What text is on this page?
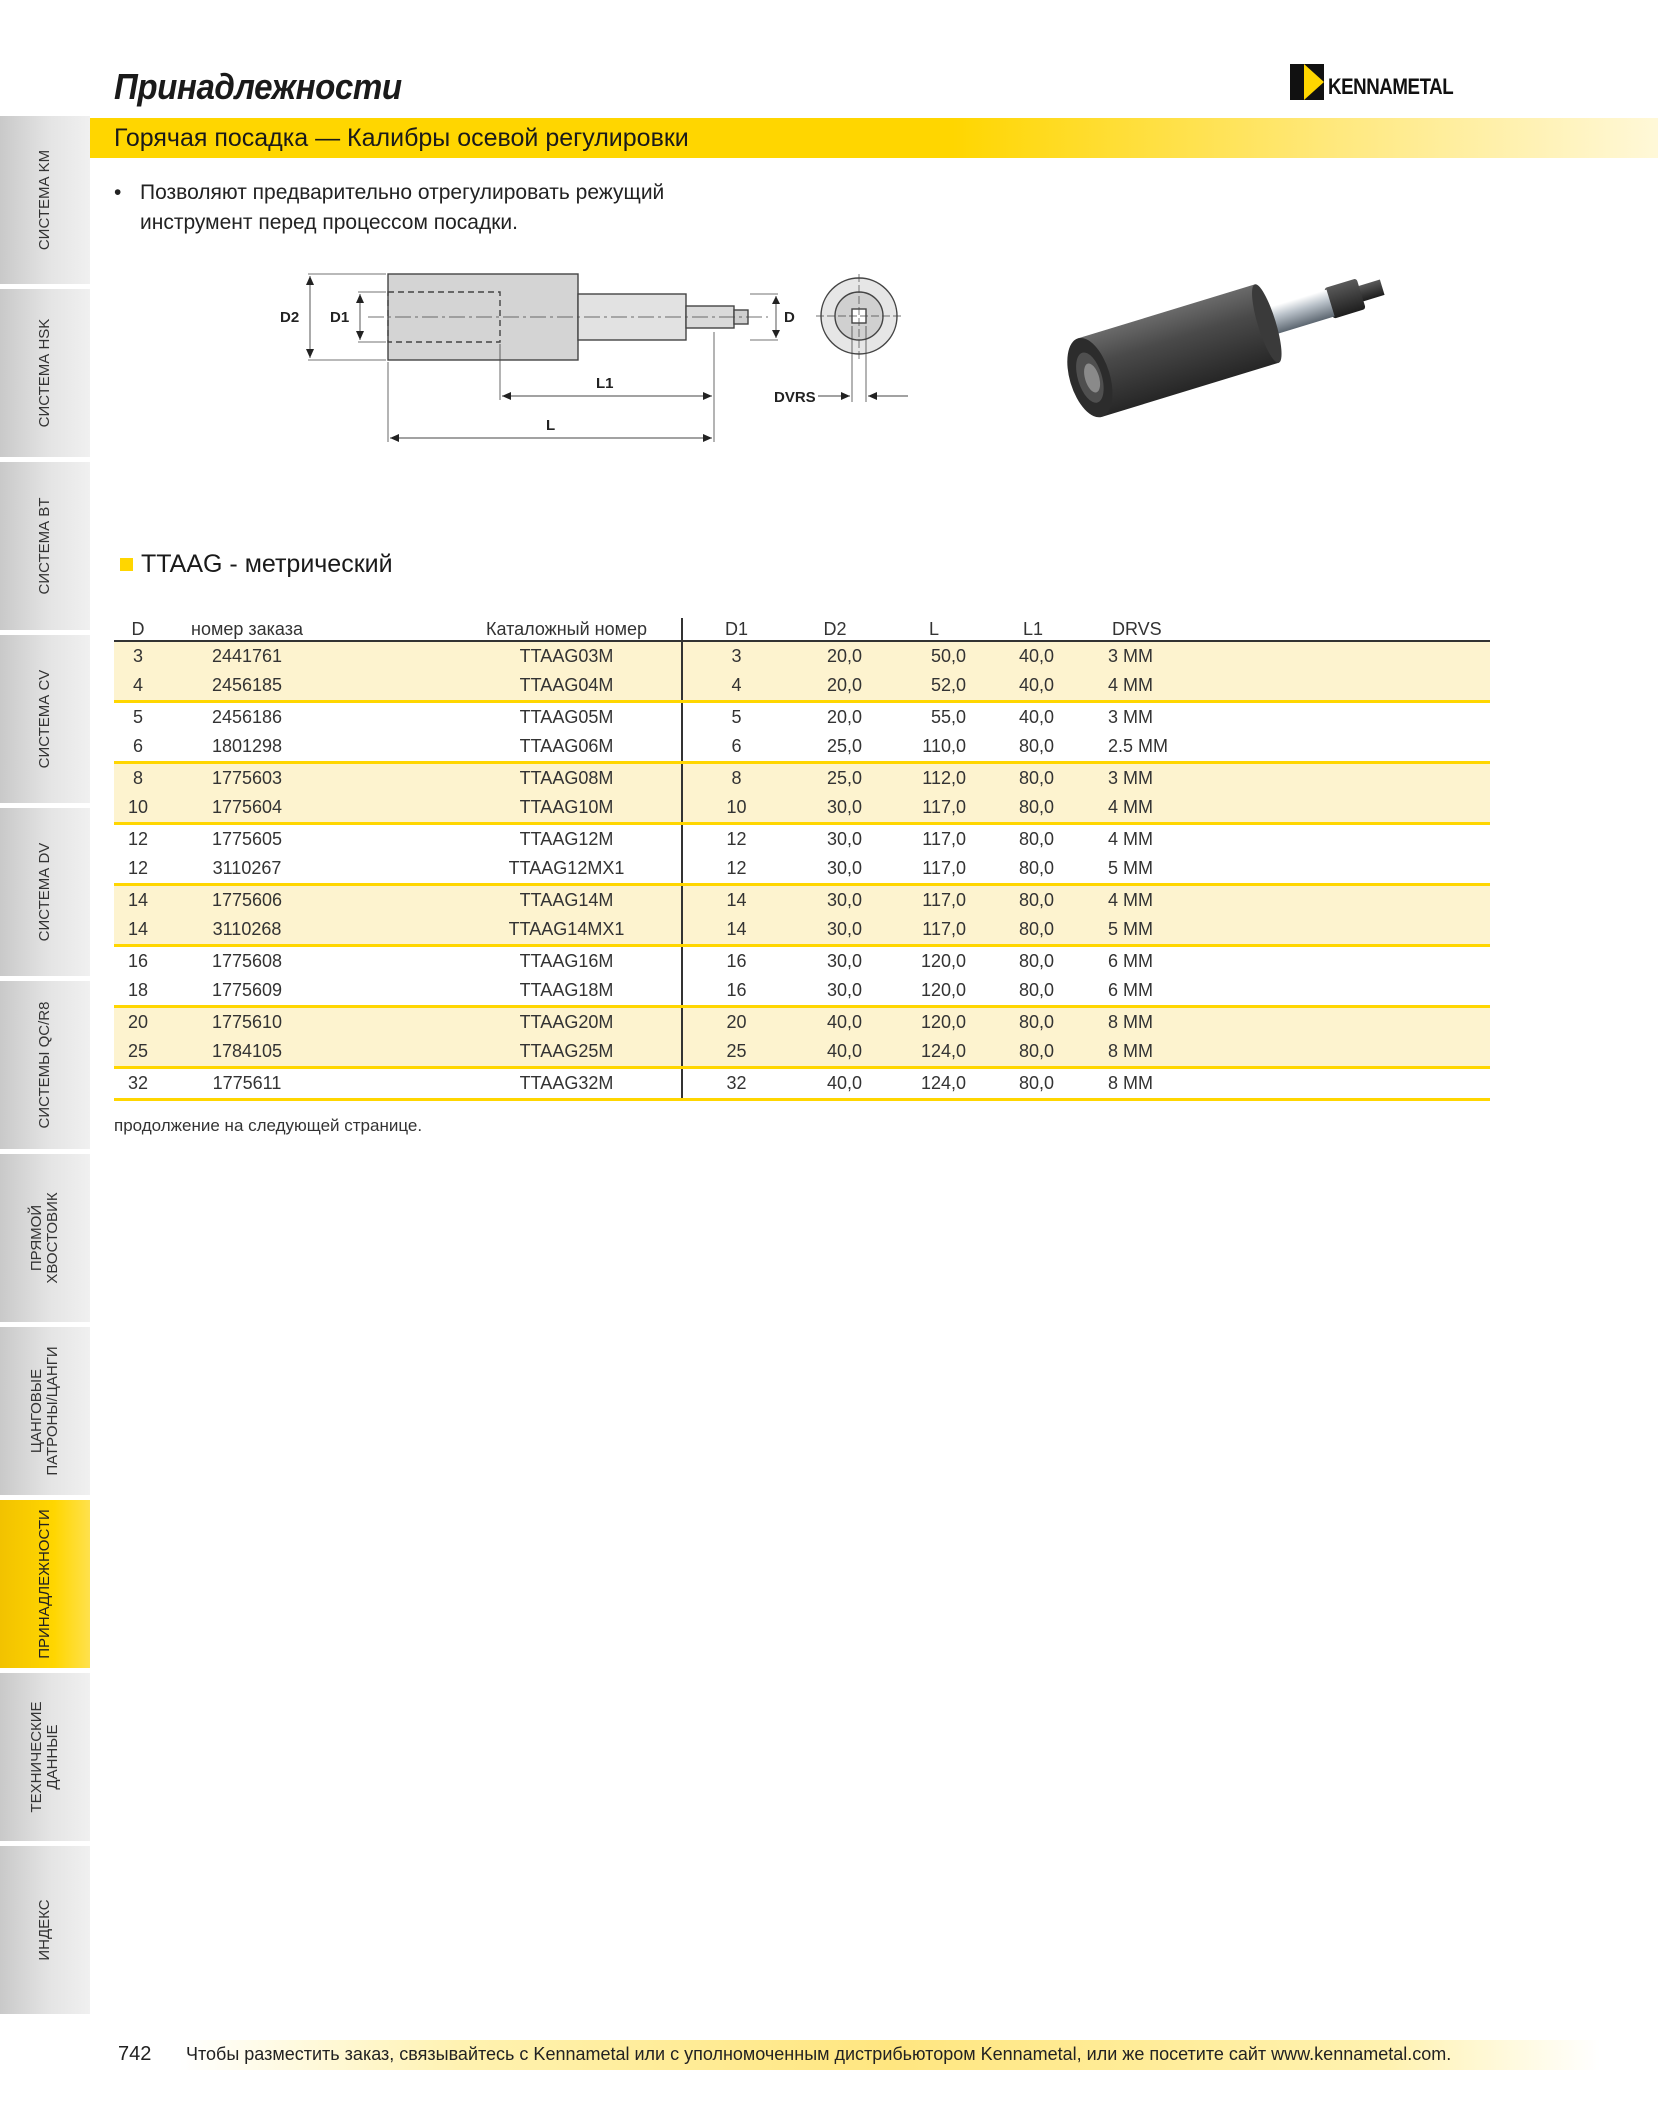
СИСТЕМА KM
СИСТЕМА HSK
СИСТЕМА BT
СИСТЕМА CV
СИСТЕМА DV
СИСТЕМЫ QC/R8
ПРЯМОЙ ХВОСТОВИК
ЦАНГОВЫЕ ПАТРОНЫ/ЦАНГИ
ПРИНАДЛЕЖНОСТИ
ТЕХНИЧЕСКИЕ ДАННЫЕ
ИНДЕКС
Принадлежности	KENNAMETAL
Горячая посадка — Калибры осевой регулировки
• Позволяют предварительно отрегулировать режущий инструмент перед процессом посадки.
D2 D1	D
L1
L
DVRS
TTAAG - метрический
D	номер заказа	Каталожный номер	D1	D2	L	L1	DRVS
3	2441761	TTAAG03M	3	20,0	50,0	40,0	3 MM
4	2456185	TTAAG04M	4	20,0	52,0	40,0	4 MM
5	2456186	TTAAG05M	5	20,0	55,0	40,0	3 MM
6	1801298	TTAAG06M	6	25,0	110,0	80,0	2.5 MM
8	1775603	TTAAG08M	8	25,0	112,0	80,0	3 MM
10	1775604	TTAAG10M	10	30,0	117,0	80,0	4 MM
12	1775605	TTAAG12M	12	30,0	117,0	80,0	4 MM
12	3110267	TTAAG12MX1	12	30,0	117,0	80,0	5 MM
14	1775606	TTAAG14M	14	30,0	117,0	80,0	4 MM
14	3110268	TTAAG14MX1	14	30,0	117,0	80,0	5 MM
16	1775608	TTAAG16M	16	30,0	120,0	80,0	6 MM
18	1775609	TTAAG18M	16	30,0	120,0	80,0	6 MM
20	1775610	TTAAG20M	20	40,0	120,0	80,0	8 MM
25	1784105	TTAAG25M	25	40,0	124,0	80,0	8 MM
32	1775611	TTAAG32M	32	40,0	124,0	80,0	8 MM
продолжение на следующей странице.
742 Чтобы разместить заказ, связывайтесь с Kennametal или с уполномоченным дистрибьютором Kennametal, или же посетите сайт www.kennametal.com.
